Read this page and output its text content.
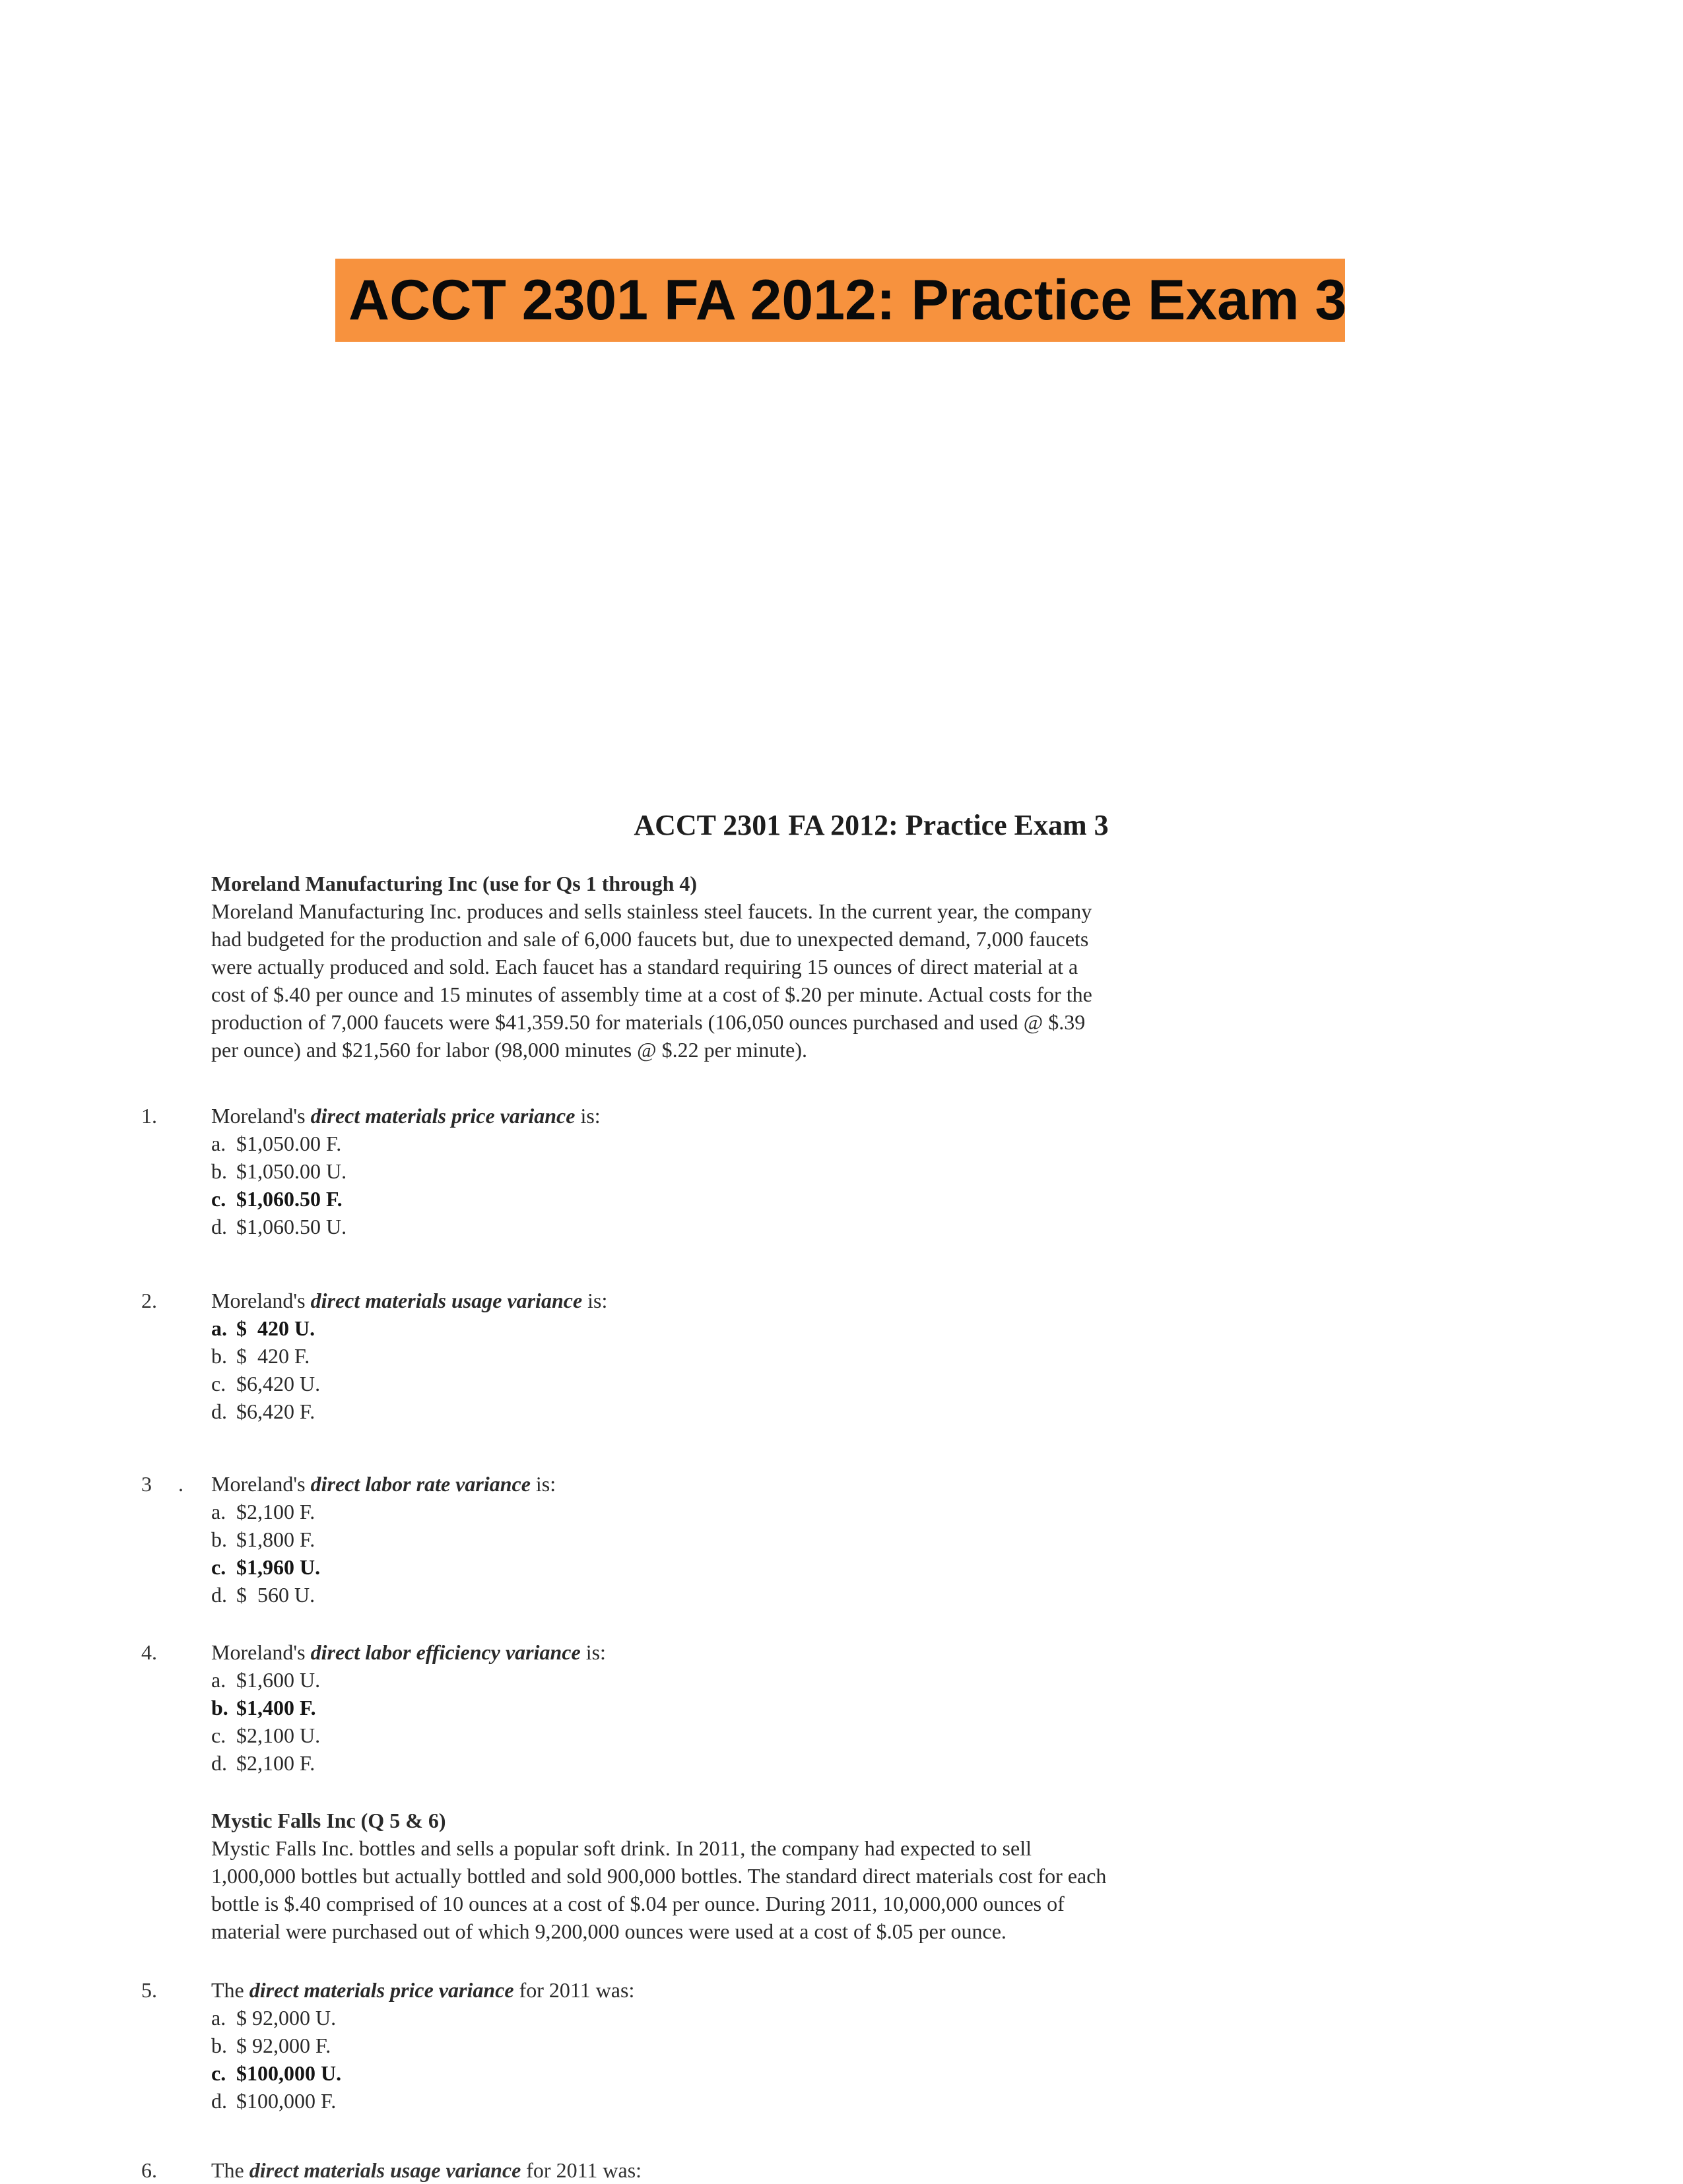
ACCT 2301 FA 2012: Practice Exam 3
ACCT 2301 FA 2012: Practice Exam 3
Moreland Manufacturing Inc (use for Qs 1 through 4)
Moreland Manufacturing Inc. produces and sells stainless steel faucets. In the current year, the company
had budgeted for the production and sale of 6,000 faucets but, due to unexpected demand, 7,000 faucets
were actually produced and sold. Each faucet has a standard requiring 15 ounces of direct material at a
cost of $.40 per ounce and 15 minutes of assembly time at a cost of $.20 per minute. Actual costs for the
production of 7,000 faucets were $41,359.50 for materials (106,050 ounces purchased and used @ $.39
per ounce) and $21,560 for labor (98,000 minutes @ $.22 per minute).
1.	Moreland's direct materials price variance is:
a. $1,050.00 F.
b. $1,050.00 U.
c. $1,060.50 F.
d. $1,060.50 U.
2.	Moreland's direct materials usage variance is:
a. $  420 U.
b. $  420 F.
c. $6,420 U.
d. $6,420 F.
3     .	Moreland's direct labor rate variance is:
a. $2,100 F.
b. $1,800 F.
c. $1,960 U.
d. $  560 U.
4.	Moreland's direct labor efficiency variance is:
a. $1,600 U.
b. $1,400 F.
c. $2,100 U.
d. $2,100 F.
Mystic Falls Inc (Q 5 & 6)
Mystic Falls Inc. bottles and sells a popular soft drink. In 2011, the company had expected to sell
1,000,000 bottles but actually bottled and sold 900,000 bottles. The standard direct materials cost for each
bottle is $.40 comprised of 10 ounces at a cost of $.04 per ounce. During 2011, 10,000,000 ounces of
material were purchased out of which 9,200,000 ounces were used at a cost of $.05 per ounce.
5.	The direct materials price variance for 2011 was:
a. $ 92,000 U.
b. $ 92,000 F.
c. $100,000 U.
d. $100,000 F.
6.	The direct materials usage variance for 2011 was:
